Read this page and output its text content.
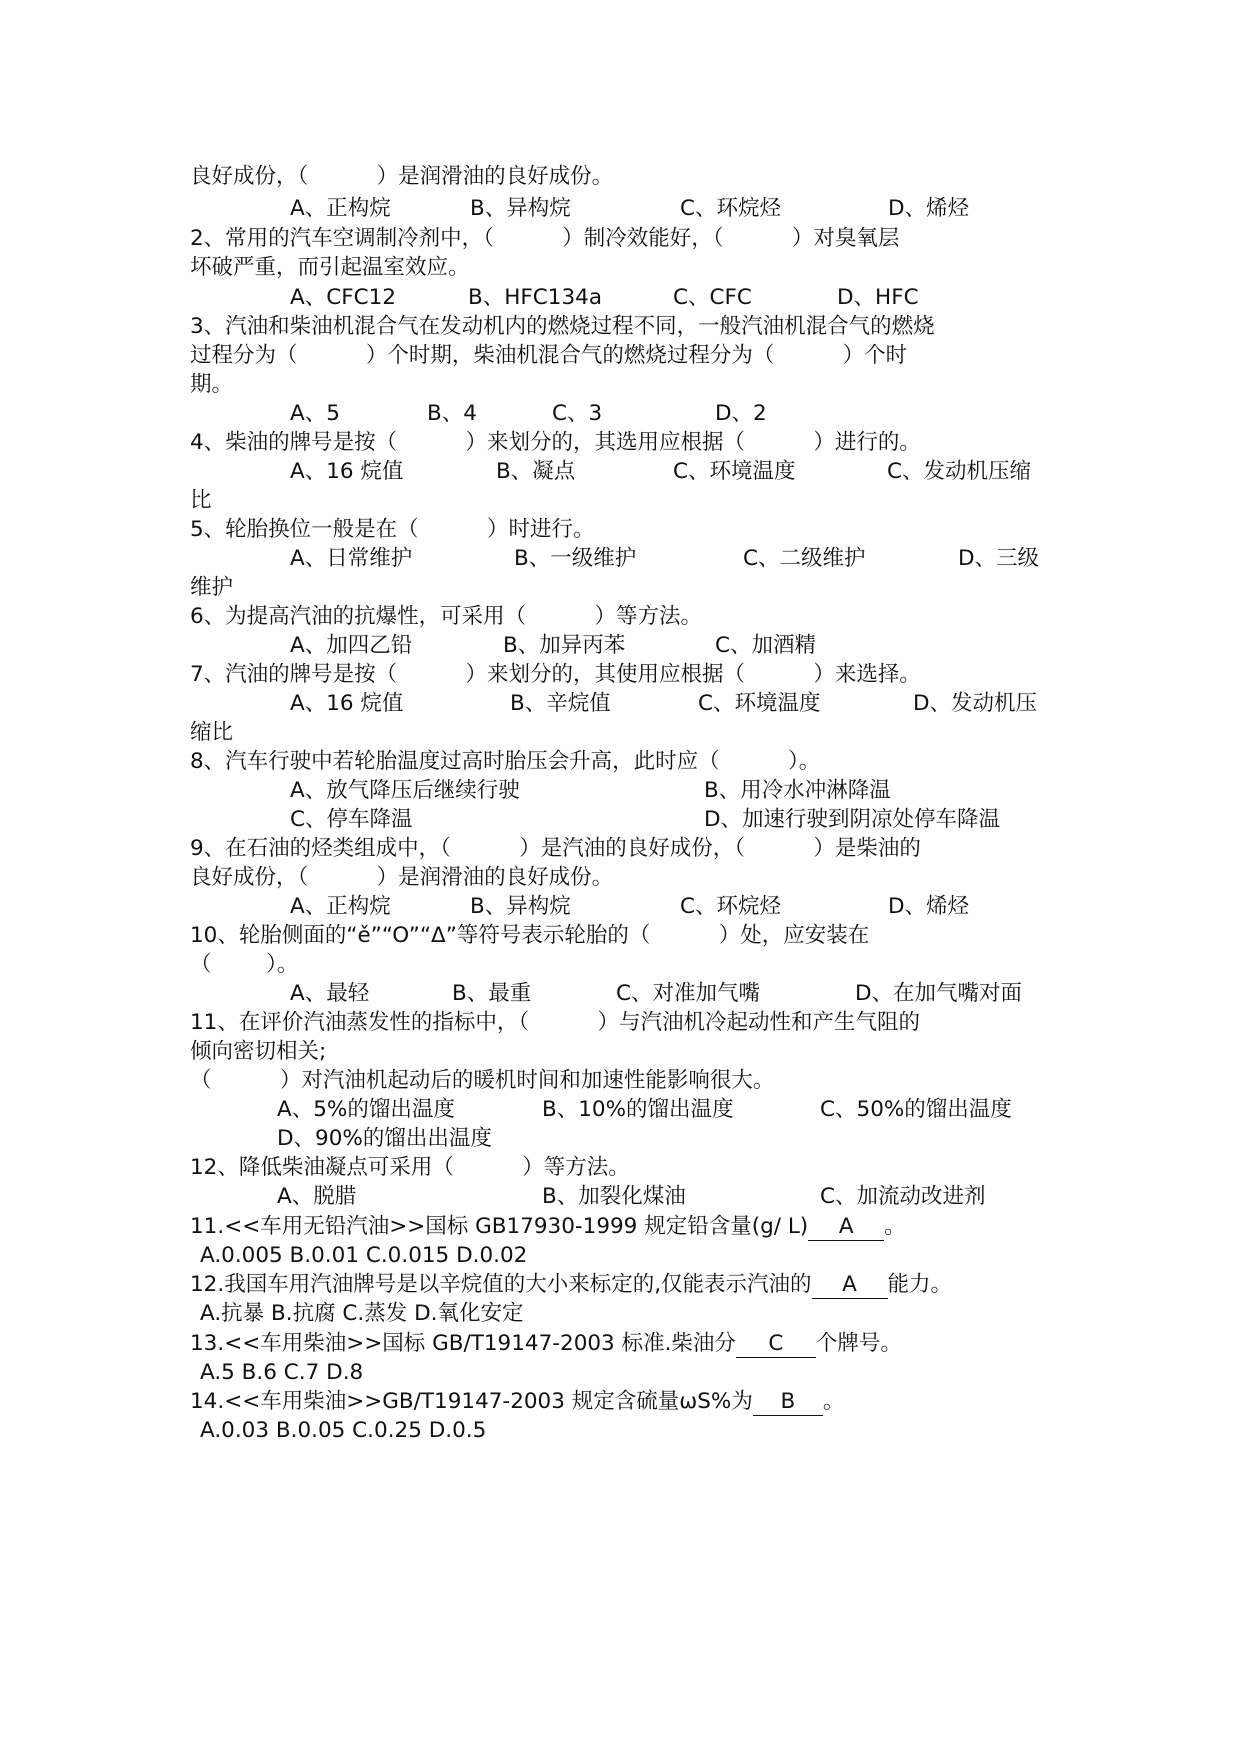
良好成份，（          ）是润滑油的良好成份。
A、正构烷	B、异构烷	C、环烷烃	D、烯烃
2、常用的汽车空调制冷剂中，（          ）制冷效能好，（          ）对臭氧层
坏破严重，而引起温室效应。
A、CFC12	B、HFC134a	C、CFC	D、HFC
3、汽油和柴油机混合气在发动机内的燃烧过程不同，一般汽油机混合气的燃烧
过程分为（          ）个时期，柴油机混合气的燃烧过程分为（          ）个时
期。
A、5	B、4	C、3	D、2
4、柴油的牌号是按（          ）来划分的，其选用应根据（          ）进行的。
A、16 烷值	B、凝点	C、环境温度	C、发动机压缩
比
5、轮胎换位一般是在（          ）时进行。
A、日常维护	B、一级维护	C、二级维护	D、三级
维护
6、为提高汽油的抗爆性，可采用（          ）等方法。
A、加四乙铅	B、加异丙苯	C、加酒精
7、汽油的牌号是按（          ）来划分的，其使用应根据（          ）来选择。
A、16 烷值	B、辛烷值	C、环境温度	D、发动机压
缩比
8、汽车行驶中若轮胎温度过高时胎压会升高，此时应（          ）。
A、放气降压后继续行驶	B、用冷水冲淋降温
C、停车降温	D、加速行驶到阴凉处停车降温
9、在石油的烃类组成中，（          ）是汽油的良好成份，（          ）是柴油的
良好成份，（          ）是润滑油的良好成份。
A、正构烷	B、异构烷	C、环烷烃	D、烯烃
10、轮胎侧面的“ě”“O”“Δ”等符号表示轮胎的（          ）处，应安装在
（        ）。
A、最轻	B、最重	C、对准加气嘴	D、在加气嘴对面
11、在评价汽油蒸发性的指标中，（          ）与汽油机冷起动性和产生气阻的
倾向密切相关;
（          ）对汽油机起动后的暖机时间和加速性能影响很大。
A、5%的馏出温度	B、10%的馏出温度	C、50%的馏出温度
D、90%的馏出出温度
12、降低柴油凝点可采用（          ）等方法。
A、脱腊	B、加裂化煤油	C、加流动改进剂
11.<<车用无铅汽油>>国标 GB17930-1999 规定铅含量(g/ L) A 。
A.0.005 B.0.01 C.0.015 D.0.02
12.我国车用汽油牌号是以辛烷值的大小来标定的,仅能表示汽油的 A 能力。
A.抗暴 B.抗腐 C.蒸发 D.氧化安定
13.<<车用柴油>>国标 GB/T19147-2003 标准.柴油分 C 个牌号。
A.5 B.6 C.7 D.8
14.<<车用柴油>>GB/T19147-2003 规定含硫量ωS%为 B 。
A.0.03 B.0.05 C.0.25 D.0.5
